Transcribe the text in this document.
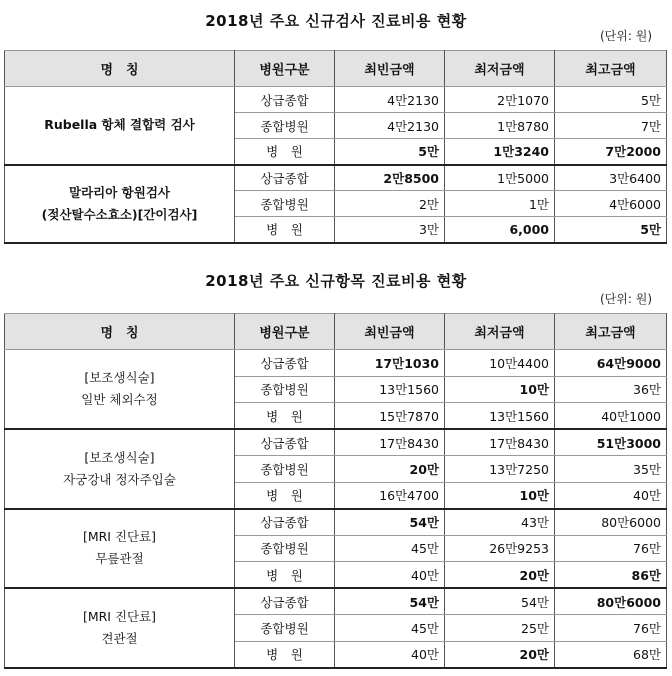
2018년 주요 신규검사 진료비용 현황
(단위: 원)
명　칭	병원구분	최빈금액	최저금액	최고금액

Rubella 항체 결합력 검사	상급종합	4만2130	2만1070	5만
	종합병원	4만2130	1만8780	7만
	병　원	5만	1만3240	7만2000

말라리아 항원검사
(젖산탈수소효소)[간이검사]	상급종합	2만8500	1만5000	3만6400
	종합병원	2만	1만	4만6000
	병　원	3만	6,000	5만
2018년 주요 신규항목 진료비용 현황
(단위: 원)
명　칭	병원구분	최빈금액	최저금액	최고금액

[보조생식술]
일반 체외수정	상급종합	17만1030	10만4400	64만9000
	종합병원	13만1560	10만	36만
	병　원	15만7870	13만1560	40만1000

[보조생식술]
자궁강내 정자주입술	상급종합	17만8430	17만8430	51만3000
	종합병원	20만	13만7250	35만
	병　원	16만4700	10만	40만

[MRI 진단료]
무릎관절	상급종합	54만	43만	80만6000
	종합병원	45만	26만9253	76만
	병　원	40만	20만	86만

[MRI 진단료]
견관절	상급종합	54만	54만	80만6000
	종합병원	45만	25만	76만
	병　원	40만	20만	68만
